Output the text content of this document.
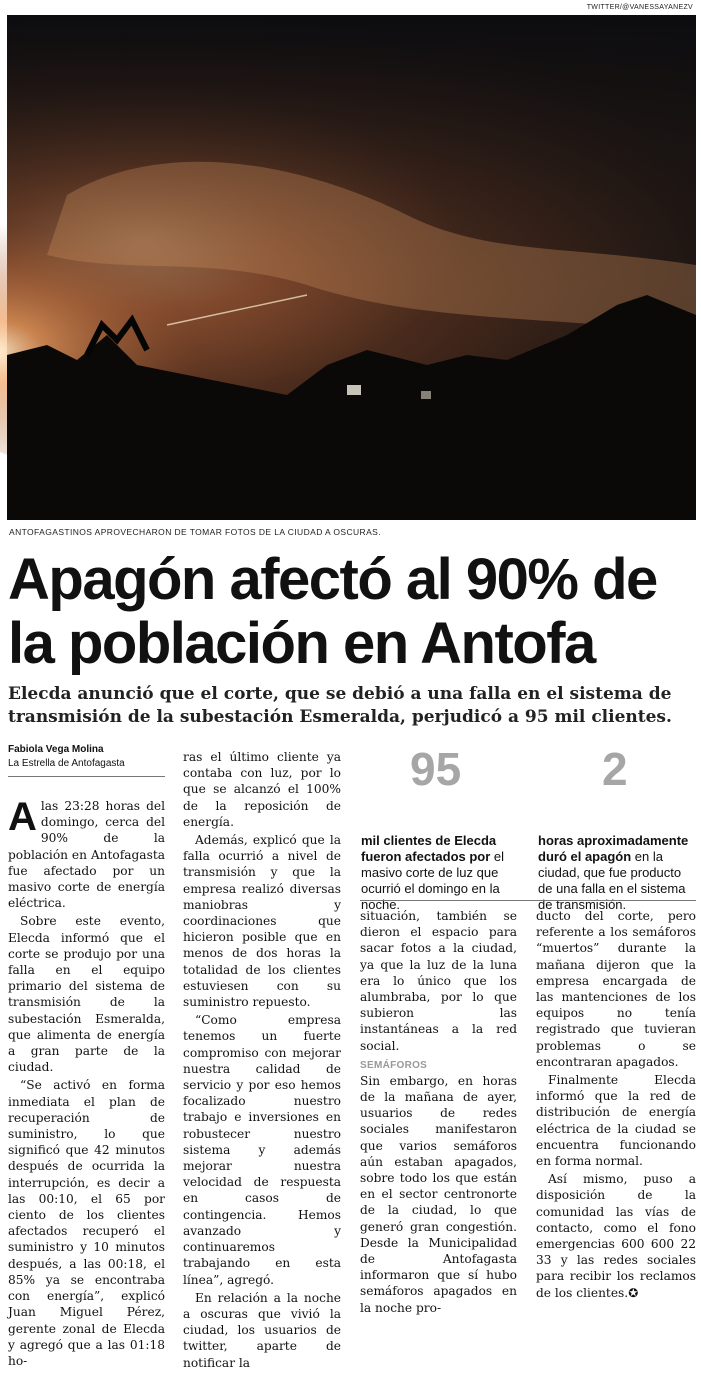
TWITTER/@VANESSAYANEZV
ANTOFAGASTINOS APROVECHARON DE TOMAR FOTOS DE LA CIUDAD A OSCURAS.
Apagón afectó al 90% de la población en Antofa
Elecda anunció que el corte, que se debió a una falla en el sistema de transmisión de la subestación Esmeralda, perjudicó a 95 mil clientes.
Fabiola Vega Molina
La Estrella de Antofagasta

Alas 23:28 horas del domingo, cerca del 90% de la población en Antofagasta fue afectado por un masivo corte de energía eléctrica.

Sobre este evento, Elecda informó que el corte se produjo por una falla en el equipo primario del sistema de transmisión de la subestación Esmeralda, que alimenta de energía a gran parte de la ciudad.

“Se activó en forma inmediata el plan de recuperación de suministro, lo que significó que 42 minutos después de ocurrida la interrupción, es decir a las 00:10, el 65 por ciento de los clientes afectados recuperó el suministro y 10 minutos después, a las 00:18, el 85% ya se encontraba con energía”, explicó Juan Miguel Pérez, gerente zonal de Elecda y agregó que a las 01:18 ho-

ras el último cliente ya contaba con luz, por lo que se alcanzó el 100% de la reposición de energía.

Además, explicó que la falla ocurrió a nivel de transmisión y que la empresa realizó diversas maniobras y coordinaciones que hicieron posible que en menos de dos horas la totalidad de los clientes estuviesen con su suministro repuesto.

“Como empresa tenemos un fuerte compromiso con mejorar nuestra calidad de servicio y por eso hemos focalizado nuestro trabajo e inversiones en robustecer nuestro sistema y además mejorar nuestra velocidad de respuesta en casos de contingencia. Hemos avanzado y continuaremos trabajando en esta línea”, agregó.

En relación a la noche a oscuras que vivió la ciudad, los usuarios de twitter, aparte de notificar la

95
mil clientes de Elecda fueron afectados por el masivo corte de luz que ocurrió el domingo en la noche.
2
horas aproximadamente duró el apagón en la ciudad, que fue producto de una falla en el sistema de transmisión.

situación, también se dieron el espacio para sacar fotos a la ciudad, ya que la luz de la luna era lo único que los alumbraba, por lo que subieron las instantáneas a la red social.

SEMÁFOROS

Sin embargo, en horas de la mañana de ayer, usuarios de redes sociales manifestaron que varios semáforos aún estaban apagados, sobre todo los que están en el sector centronorte de la ciudad, lo que generó gran congestión. Desde la Municipalidad de Antofagasta informaron que sí hubo semáforos apagados en la noche pro-

ducto del corte, pero referente a los semáforos “muertos” durante la mañana dijeron que la empresa encargada de las mantenciones de los equipos no tenía registrado que tuvieran problemas o se encontraran apagados.

Finalmente Elecda informó que la red de distribución de energía eléctrica de la ciudad se encuentra funcionando en forma normal.

Así mismo, puso a disposición de la comunidad las vías de contacto, como el fono emergencias 600 600 22 33 y las redes sociales para recibir los reclamos de los clientes.✪
